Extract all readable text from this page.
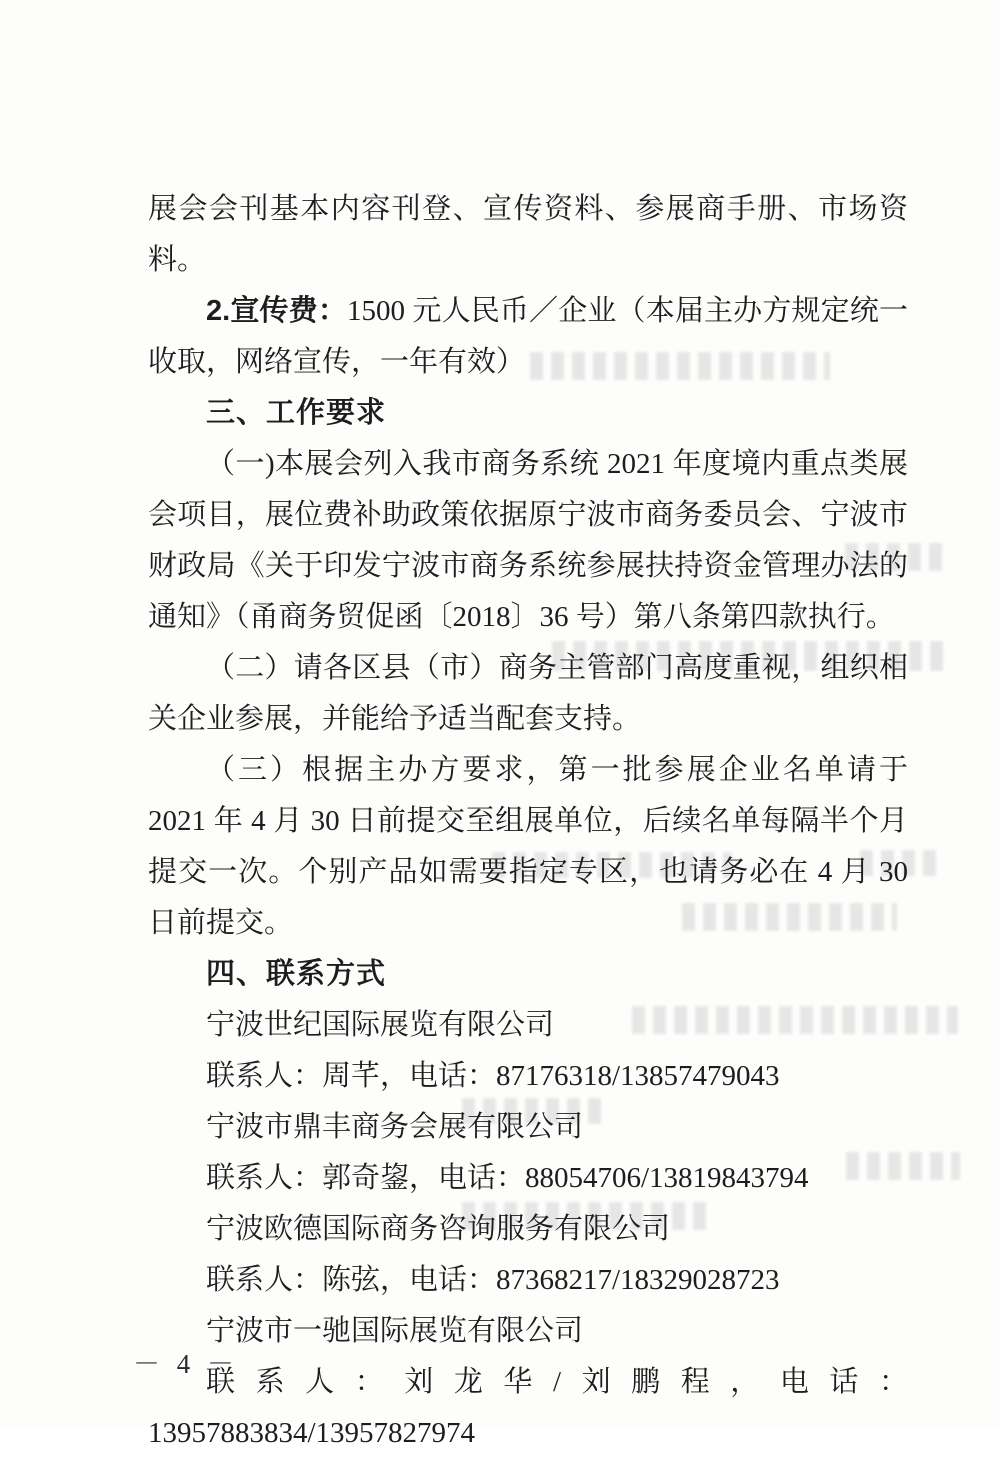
展会会刊基本内容刊登、宣传资料、参展商手册、市场资料。

2.宣传费：1500 元人民币／企业（本届主办方规定统一收取，网络宣传，一年有效）

三、工作要求

（一)本展会列入我市商务系统 2021 年度境内重点类展会项目，展位费补助政策依据原宁波市商务委员会、宁波市财政局《关于印发宁波市商务系统参展扶持资金管理办法的通知》（甬商务贸促函〔2018〕36 号）第八条第四款执行。

（二）请各区县（市）商务主管部门高度重视，组织相关企业参展，并能给予适当配套支持。

（三）根据主办方要求，第一批参展企业名单请于 2021 年 4 月 30 日前提交至组展单位，后续名单每隔半个月提交一次。个别产品如需要指定专区，也请务必在 4 月 30 日前提交。

四、联系方式

宁波世纪国际展览有限公司

联系人：周芊，电话：87176318/13857479043

宁波市鼎丰商务会展有限公司

联系人：郭奇鋆，电话：88054706/13819843794

宁波欧德国际商务咨询服务有限公司

联系人：陈弦，电话：87368217/18329028723

宁波市一驰国际展览有限公司

联系人：刘龙华/刘鹏程，电话：13957883834/13957827974

－ 4 －
